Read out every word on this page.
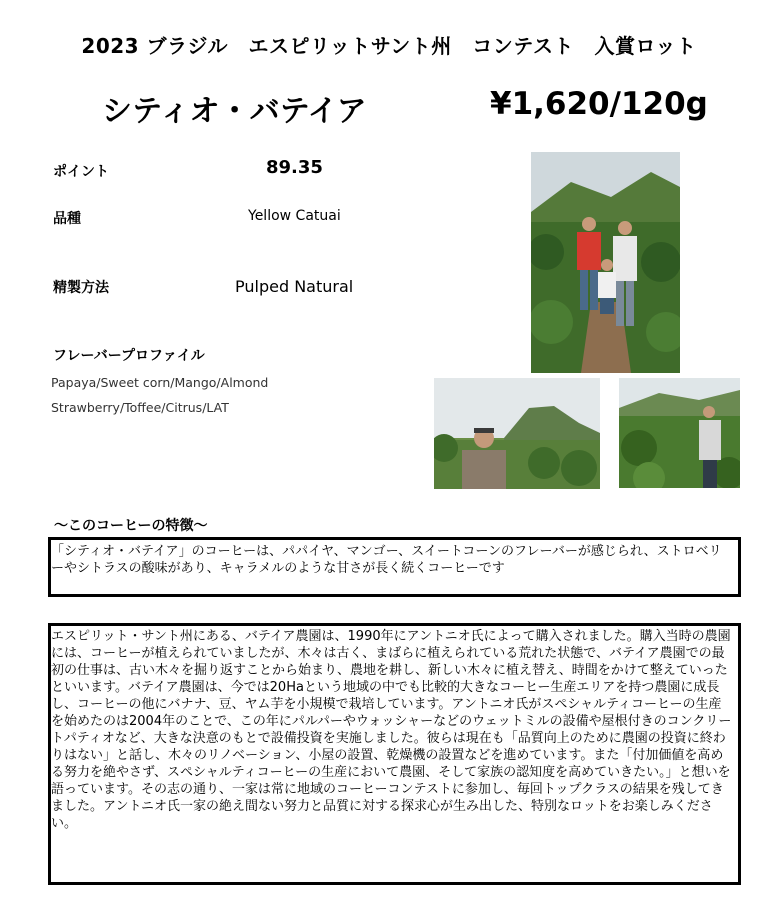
2023 ブラジル　エスピリットサント州　コンテスト　入賞ロット
シティオ・バテイア	¥1,620/120g
ポイント	89.35
品種	Yellow Catuai
精製方法	Pulped Natural
フレーバープロファイル
Papaya/Sweet corn/Mango/Almond
Strawberry/Toffee/Citrus/LAT
～このコーヒーの特徴～

「シティオ・バテイア」のコーヒーは、パパイヤ、マンゴー、スイートコーンのフレーバーが感じられ、ストロベリーやシトラスの酸味があり、キャラメルのような甘さが長く続くコーヒーです

エスピリット・サント州にある、バテイア農園は、1990年にアントニオ氏によって購入されました。購入当時の農園には、コーヒーが植えられていましたが、木々は古く、まばらに植えられている荒れた状態で、バテイア農園での最初の仕事は、古い木々を掘り返すことから始まり、農地を耕し、新しい木々に植え替え、時間をかけて整えていったといいます。バテイア農園は、今では20Haという地域の中でも比較的大きなコーヒー生産エリアを持つ農園に成長し、コーヒーの他にバナナ、豆、ヤム芋を小規模で栽培しています。アントニオ氏がスペシャルティコーヒーの生産を始めたのは2004年のことで、この年にパルパーやウォッシャーなどのウェットミルの設備や屋根付きのコンクリートパティオなど、大きな決意のもとで設備投資を実施しました。彼らは現在も「品質向上のために農園の投資に終わりはない」と話し、木々のリノベーション、小屋の設置、乾燥機の設置などを進めています。また「付加価値を高める努力を絶やさず、スペシャルティコーヒーの生産において農園、そして家族の認知度を高めていきたい。」と想いを語っています。その志の通り、一家は常に地域のコーヒーコンテストに参加し、毎回トップクラスの結果を残してきました。アントニオ氏一家の絶え間ない努力と品質に対する探求心が生み出した、特別なロットをお楽しみください。
